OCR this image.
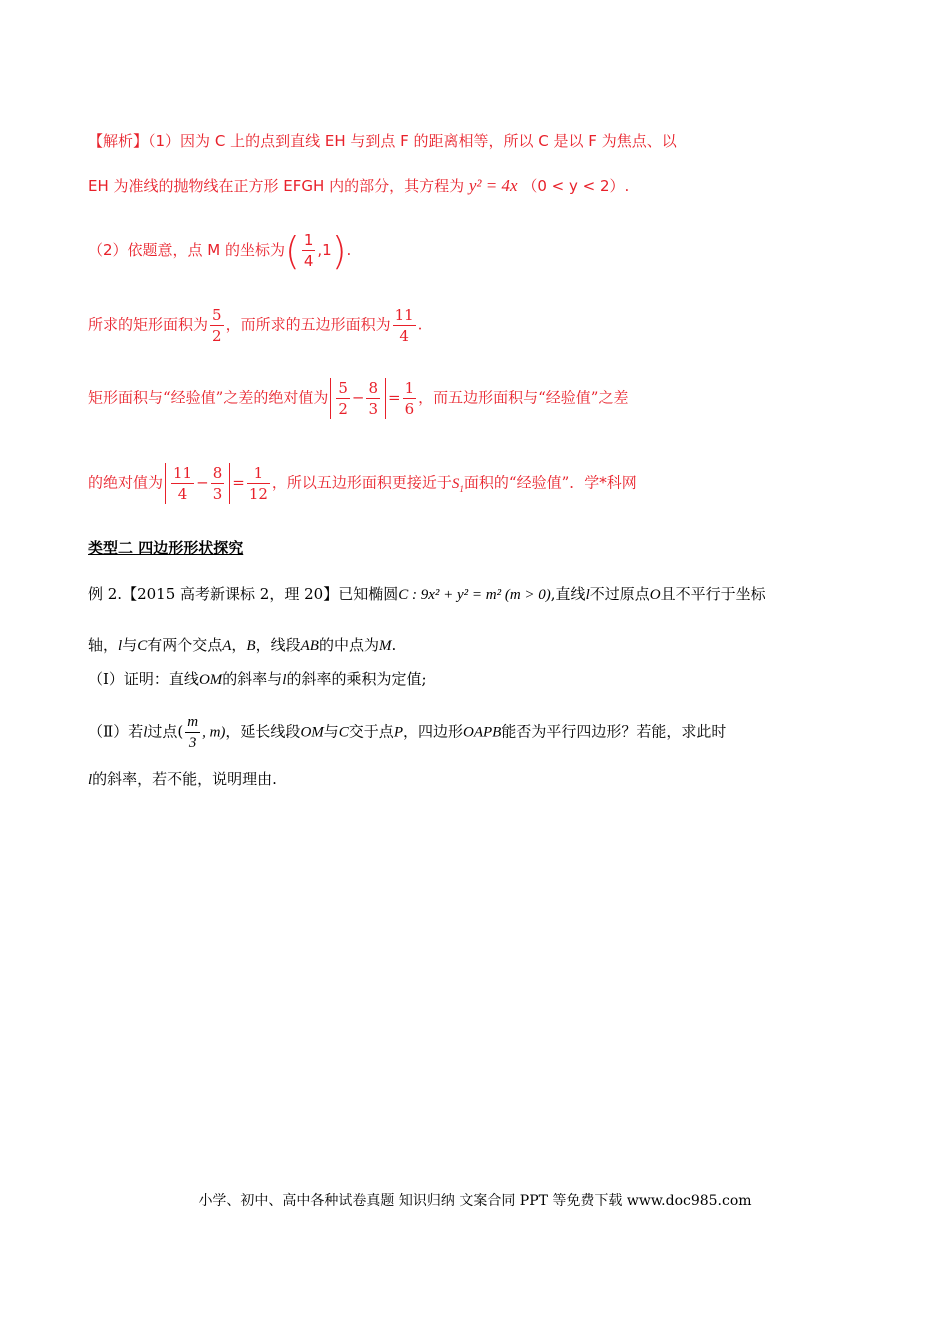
【解析】（1）因为 C 上的点到直线 EH 与到点 F 的距离相等，所以 C 是以 F 为焦点、以
EH 为准线的抛物线在正方形 EFGH 内的部分，其方程为 y² = 4x （0 < y < 2）.
（2）依题意，点 M 的坐标为( $\frac{1}{4} ,1$).
所求的矩形面积为 $\frac{5}{2}$ ，而所求的五边形面积为 $\frac{11}{4}$ .
矩形面积与“经验值”之差的绝对值为 $\frac{5}{2} - \frac{8}{3} = \frac{1}{6}$ ，而五边形面积与“经验值”之差
的绝对值为 $\frac{11}{4} - \frac{8}{3} = \frac{1}{12}$ ，所以五边形面积更接近于$S_1$面积的“经验值”．学*科网
类型二 四边形形状探究
例 2.【2015 高考新课标 2，理 20】已知椭圆C : 9x² + y² = m² (m > 0),直线l不过原点O且不平行于坐标
轴，l与C有两个交点A，B，线段AB的中点为M.
（Ⅰ）证明：直线OM的斜率与l的斜率的乘积为定值;
（Ⅱ）若l过点( $\frac{m}{3}$ , m)，延长线段OM与C交于点P，四边形OAPB能否为平行四边形？若能，求此时
l的斜率，若不能，说明理由.
小学、初中、高中各种试卷真题 知识归纳 文案合同 PPT 等免费下载 www.doc985.com
